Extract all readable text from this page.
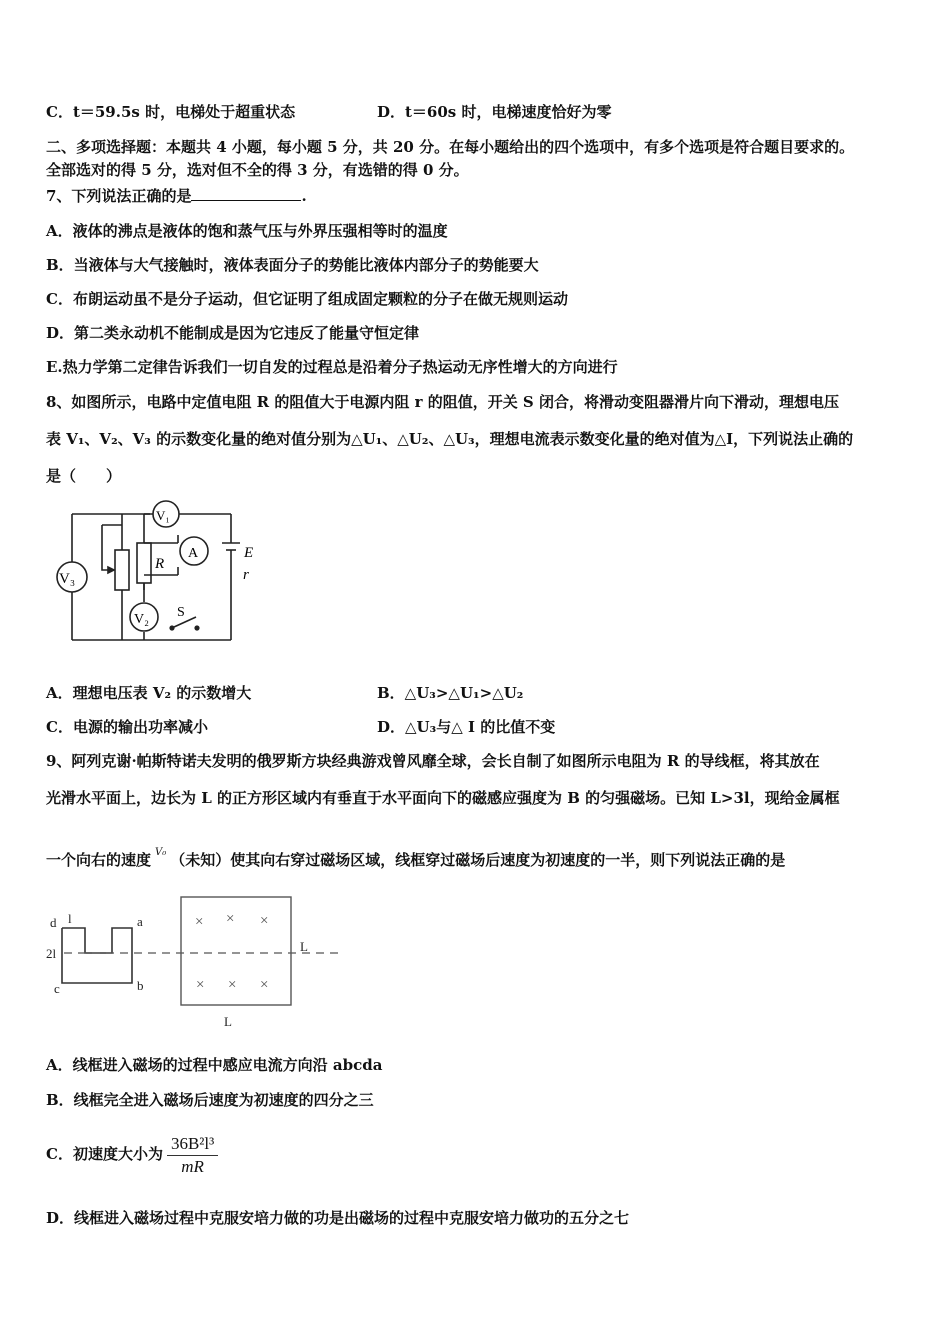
C．t＝59.5s 时，电梯处于超重状态	D．t＝60s 时，电梯速度恰好为零
二、多项选择题：本题共 4 小题，每小题 5 分，共 20 分。在每小题给出的四个选项中，有多个选项是符合题目要求的。
全部选对的得 5 分，选对但不全的得 3 分，有选错的得 0 分。
7、下列说法正确的是	.
A．液体的沸点是液体的饱和蒸气压与外界压强相等时的温度
B．当液体与大气接触时，液体表面分子的势能比液体内部分子的势能要大
C．布朗运动虽不是分子运动，但它证明了组成固定颗粒的分子在做无规则运动
D．第二类永动机不能制成是因为它违反了能量守恒定律
E.热力学第二定律告诉我们一切自发的过程总是沿着分子热运动无序性增大的方向进行
8、如图所示，电路中定值电阻 R 的阻值大于电源内阻 r 的阻值，开关 S 闭合，将滑动变阻器滑片向下滑动，理想电压
表 V₁、V₂、V₃ 的示数变化量的绝对值分别为△U₁、△U₂、△U₃，理想电流表示数变化量的绝对值为△I，下列说法止确的
是（　　）
V₃
V₁
A
V₂
R
E
r
S
A．理想电压表 V₂ 的示数增大	B．△U₃>△U₁>△U₂
C．电源的输出功率减小	D．△U₃与△ I 的比值不变
9、阿列克谢·帕斯特诺夫发明的俄罗斯方块经典游戏曾风靡全球，会长自制了如图所示电阻为 R 的导线框，将其放在
光滑水平面上，边长为 L 的正方形区域内有垂直于水平面向下的磁感应强度为 B 的匀强磁场。已知 L>3l，现给金属框
一个向右的速度 $^{V_0}$ （未知）使其向右穿过磁场区域，线框穿过磁场后速度为初速度的一半，则下列说法正确的是
× × ×
× × ×
d l	a
2l
c	b
L
L
A．线框进入磁场的过程中感应电流方向沿 abcda
B．线框完全进入磁场后速度为初速度的四分之三
C．初速度大小为 $\frac{\text{36B²l³}}{mR}$
D．线框进入磁场过程中克服安培力做的功是出磁场的过程中克服安培力做功的五分之七
